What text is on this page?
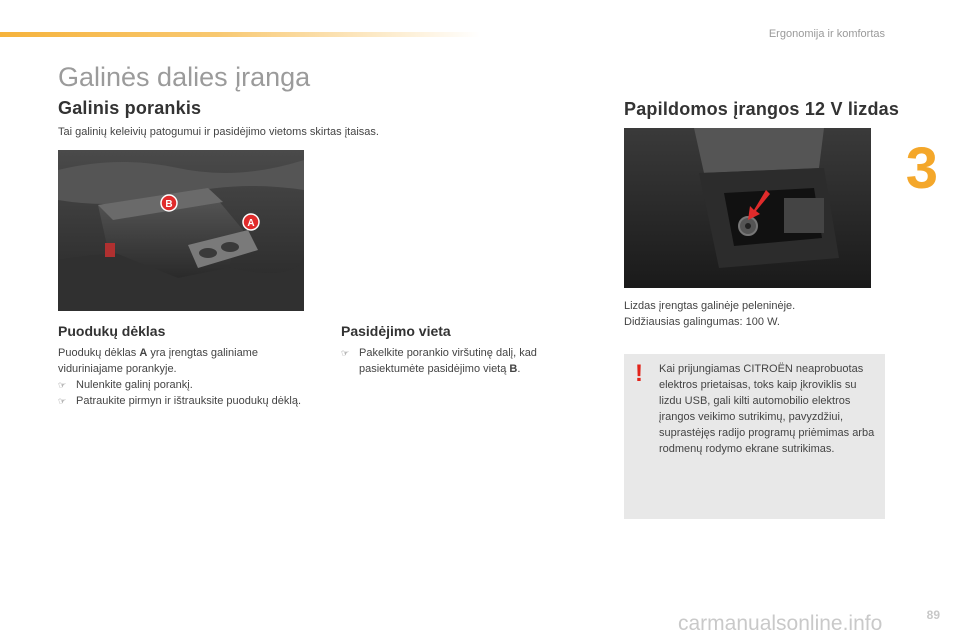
Ergonomija ir komfortas
3
Galinės dalies įranga
Galinis porankis
Tai galinių keleivių patogumui ir pasidėjimo vietoms skirtas įtaisas.
B
A
Puodukų dėklas

Puodukų dėklas A yra įrengtas galiniame viduriniajame porankyje.

☞ Nulenkite galinį porankį.
☞ Patraukite pirmyn ir ištrauksite puodukų dėklą.
Pasidėjimo vieta
☞ Pakelkite porankio viršutinę dalį, kad pasiektumėte pasidėjimo vietą B.
Papildomos įrangos 12 V lizdas

Lizdas įrengtas galinėje peleninėje.

Didžiausias galingumas: 100 W.

! Kai prijungiamas CITROËN neaprobuotas elektros prietaisas, toks kaip įkroviklis su lizdu USB, gali kilti automobilio elektros įrangos veikimo sutrikimų, pavyzdžiui, suprastėjęs radijo programų priėmimas arba rodmenų rodymo ekrane sutrikimas.
89
carmanualsonline.info
